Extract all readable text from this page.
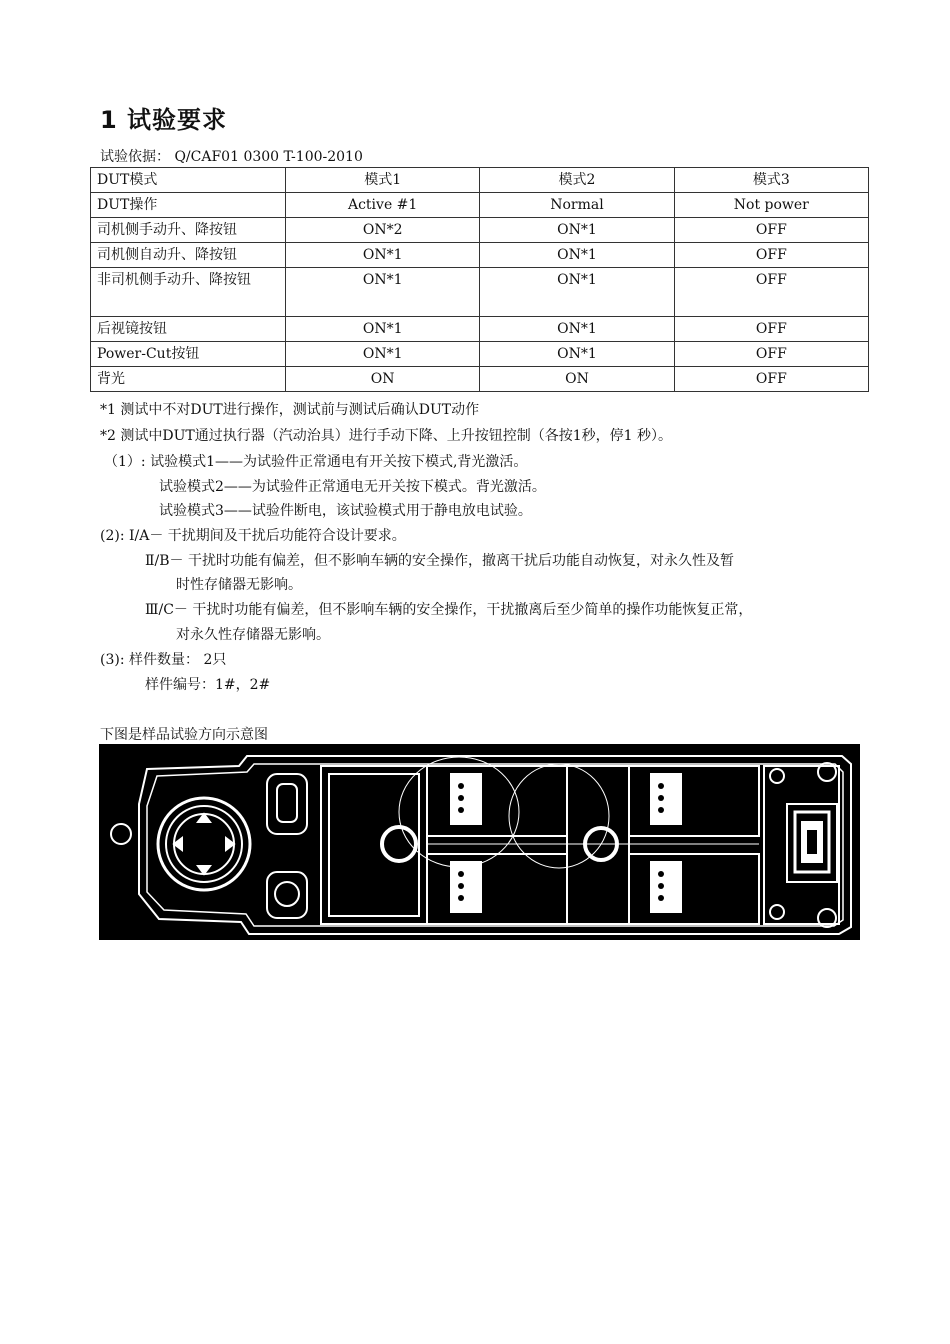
1 试验要求
试验依据： Q/CAF01 0300 T-100-2010
DUT模式	模式1	模式2	模式3
DUT操作	Active #1	Normal	Not power
司机侧手动升、降按钮	ON*2	ON*1	OFF
司机侧自动升、降按钮	ON*1	ON*1	OFF
非司机侧手动升、降按钮	ON*1	ON*1	OFF
后视镜按钮	ON*1	ON*1	OFF
Power-Cut按钮	ON*1	ON*1	OFF
背光	ON	ON	OFF
*1 测试中不对DUT进行操作，测试前与测试后确认DUT动作
*2 测试中DUT通过执行器（汽动治具）进行手动下降、上升按钮控制（各按1秒，停1 秒）。
（1）: 试验模式1——为试验件正常通电有开关按下模式,背光激活。
试验模式2——为试验件正常通电无开关按下模式。背光激活。
试验模式3——试验件断电，该试验模式用于静电放电试验。
(2): Ⅰ/A－ 干扰期间及干扰后功能符合设计要求。
Ⅱ/B－ 干扰时功能有偏差，但不影响车辆的安全操作，撤离干扰后功能自动恢复，对永久性及暂
时性存储器无影响。
Ⅲ/C－ 干扰时功能有偏差，但不影响车辆的安全操作，干扰撤离后至少简单的操作功能恢复正常，
对永久性存储器无影响。
(3): 样件数量： 2只
样件编号：1#，2#
下图是样品试验方向示意图
